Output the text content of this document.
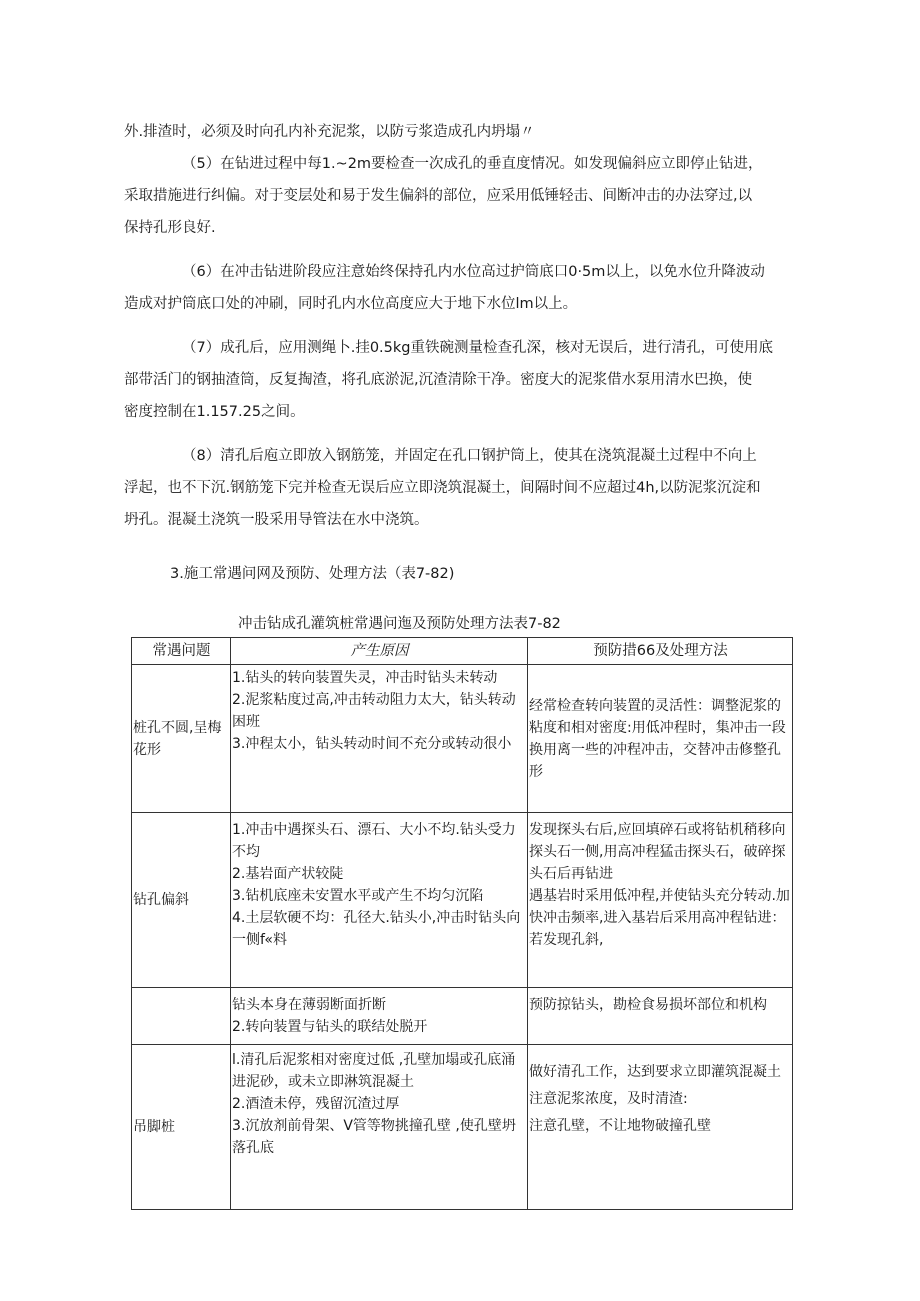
外.排渣时，必须及时向孔内补充泥浆，以防亏浆造成孔内坍塌〃

（5）在钻进过程中每1.~2m要检查一次成孔的垂直度情况。如发现偏斜应立即停止钻进，
采取措施进行纠偏。对于变层处和易于发生偏斜的部位，应采用低锤轻击、间断冲击的办法穿过,以
保持孔形良好.

（6）在冲击钻进阶段应注意始终保持孔内水位高过护筒底口0·5m以上，以免水位升降波动
造成对护筒底口处的冲刷，同时孔内水位高度应大于地下水位lm以上。

（7）成孔后，应用测绳卜.挂0.5kg重铁碗测量检查孔深，核对无误后，进行清孔，可使用底
部带活门的钢抽渣筒，反复掏渣，将孔底淤泥,沉渣清除干净。密度大的泥浆借水泵用清水巴换，使
密度控制在1.157.25之间。

（8）清孔后庖立即放入钢筋笼，并固定在孔口钢护筒上，使其在浇筑混凝土过程中不向上
浮起，也不下沉.钢筋笼下完并检查无误后应立即浇筑混凝土，间隔时间不应超过4h,以防泥浆沉淀和
坍孔。混凝土浇筑一股采用导管法在水中浇筑。

3.施工常遇问网及预防、处理方法（表7-82)

冲击钻成孔灌筑桩常遇问迤及预防处理方法表7-82

常遇问题	产生原因	预防措66及处理方法
桩孔不圆,呈梅花形	1.钻头的转向装置失灵，冲击时钻头未转动
2.泥浆粘度过高,冲击转动阻力太大，钻头转动困班
3.冲程太小，钻头转动时间不充分或转动很小	经常检查转向装置的灵活性：调整泥浆的粘度和相对密度:用低冲程时，集冲击一段换用离一些的冲程冲击，交替冲击修整孔形

钻孔偏斜	1.冲击中遇探头石、漂石、大小不均.钻头受力不均
2.基岩面产状较陡
3.钻机底座未安置水平或产生不均匀沉陷
4.土层软硬不均：孔径大.钻头小,冲击时钻头向一侧f«料	发现探头右后,应回填碎石或将钻机稍移向探头石一侧,用高冲程猛击探头石，破碎探头石后再钻进
遇基岩时采用低冲程,并使钻头充分转动.加快冲击频率,进入基岩后采用高冲程钻进：若发现孔斜,

	钻头本身在薄弱断面折断
2.转向装置与钻头的联结处脱开	预防掠钻头，勘检食易损坏部位和机构

吊脚桩	l.清孔后泥浆相对密度过低 ,孔壁加塌或孔底涌进泥砂，或未立即淋筑混凝土
2.酒渣未停，残留沉渣过厚
3.沉放剂前骨架、V管等物挑撞孔壁 ,使孔壁坍落孔底	做好清孔工作，达到要求立即灌筑混凝土
注意泥浆浓度，及时清渣:
注意孔壁，不让地物破撞孔壁
